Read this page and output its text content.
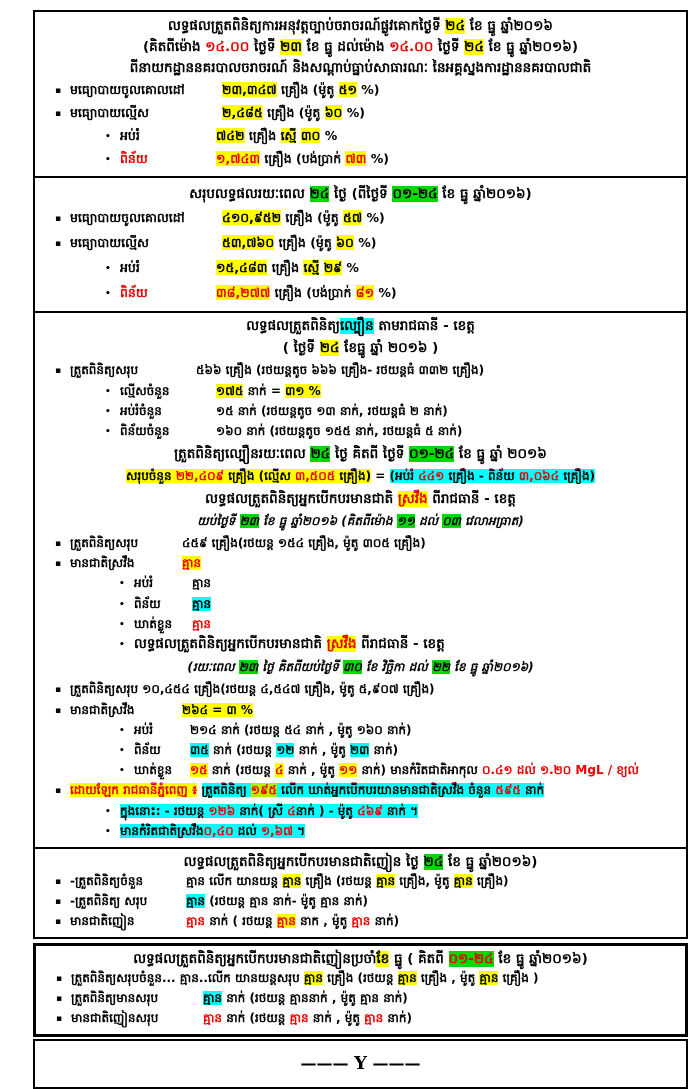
លទ្ធផលត្រួតពិនិត្យការអនុវត្តច្បាប់ចរាចរណ៍ផ្លូវគោកថ្ងៃទី ២៤ ខែ ធ្នូ ឆ្នាំ២០១៦
(គិតពីម៉ោង ១៤.០០ ថ្ងៃទី ២៣ ខែ ធ្នូ ដល់ម៉ោង ១៤.០០ ថ្ងៃទី ២៤ ខែ ធ្នូ ឆ្នាំ២០១៦)
ពីនាយកដ្ឋាននគរបាលចរាចរណ៍ និងសណ្ដាប់ធ្នាប់សាធារណៈ នៃអគ្គស្នងការដ្ឋាននគរបាលជាតិ
▪ មធ្យោបាយចូលគោលដៅ	២៣,៣៤៧ គ្រឿង (ម៉ូតូ ៥១ %)
▪ មធ្យោបាយល្មើស	២,៤៨៥ គ្រឿង (ម៉ូតូ ៦០ %)
• អប់រំ	៧៤២ គ្រឿង ស្មើ ៣០ %
• ពិន័យ	១,៧៤៣ គ្រឿង (បង់ប្រាក់ ៧៣ %)
សរុបលទ្ធផលរយៈពេល ២៤ ថ្ងៃ (ពីថ្ងៃទី ០១-២៤ ខែ ធ្នូ ឆ្នាំ២០១៦)
▪ មធ្យោបាយចូលគោលដៅ	៤១០,៩៥២ គ្រឿង (ម៉ូតូ ៥៧ %)
▪ មធ្យោបាយល្មើស	៥៣,៧៦០ គ្រឿង (ម៉ូតូ ៦០ %)
• អប់រំ	១៥,៤៨៣ គ្រឿង ស្មើ ២៩ %
• ពិន័យ	៣៨,២៧៧ គ្រឿង (បង់ប្រាក់ ៨១ %)
លទ្ធផលត្រួតពិនិត្យល្បឿន តាមរាជធានី - ខេត្ត
( ថ្ងៃទី ២៤ ខែធ្នូ ឆ្នាំ ២០១៦ )
▪ ត្រួតពិនិត្យសរុប	៥៦៦ គ្រឿង (រថយន្តតូច ៦៦៦ គ្រឿង- រថយន្តធំ ៣៣២ គ្រឿង)
• ល្មើសចំនួន	១៧៥ នាក់ = ៣១ %
• អប់រំចំនួន	១៥ នាក់ (រថយន្តតូច ១៣ នាក់, រថយន្តធំ ២ នាក់)
• ពិន័យចំនួន	១៦០ នាក់ (រថយន្តតូច ១៥៥ នាក់, រថយន្តធំ ៥ នាក់)
ត្រួតពិនិត្យល្បឿនរយៈពេល ២៤ ថ្ងៃ គិតពី ថ្ងៃទី ០១-២៤ ខែ ធ្នូ ឆ្នាំ ២០១៦
សរុបចំនួន ២២,៤០៩ គ្រឿង (ល្មើស ៣,៥០៥ គ្រឿង) = (អប់រំ ៤៤១ គ្រឿង - ពិន័យ ៣,០៦៤ គ្រឿង)
លទ្ធផលត្រួតពិនិត្យអ្នកបើកបរមានជាតិ ស្រវឹង ពីរាជធានី - ខេត្ត
យប់ថ្ងៃទី ២៣ ខែ ធ្នូ ឆ្នាំ២០១៦ (គិតពីម៉ោង ១១ ដល់ ០៣ វេលាអធ្រាត)
▪ ត្រួតពិនិត្យសរុប	៤៥៩ គ្រឿង(រថយន្ត ១៥៤ គ្រឿង, ម៉ូតូ ៣០៥ គ្រឿង)
▪ មានជាតិស្រវឹង	គ្មាន
• អប់រំ	គ្មាន
• ពិន័យ	គ្មាន
• ឃាត់ខ្លួន គ្មាន
• លទ្ធផលត្រួតពិនិត្យអ្នកបើកបរមានជាតិ ស្រវឹង ពីរាជធានី - ខេត្ត
(រយៈពេល ២៣ ថ្ងៃ គិតពីយប់ថ្ងៃទី ៣០ ខែ វិច្ឆិកា ដល់ ២២ ខែ ធ្នូ ឆ្នាំ២០១៦)
▪ ត្រួតពិនិត្យសរុប ១០,៤៥៤ គ្រឿង(រថយន្ត ៤,៥៤៧ គ្រឿង, ម៉ូតូ ៥,៩០៧ គ្រឿង)
▪ មានជាតិស្រវឹង	២៦៤ = ៣ %
• អប់រំ	២១៤ នាក់ (រថយន្ត ៥៤ នាក់ , ម៉ូតូ ១៦០ នាក់)
• ពិន័យ ៣៥ នាក់ (រថយន្ត ១២ នាក់ , ម៉ូតូ ២៣ នាក់)
• ឃាត់ខ្លួន ១៥ នាក់ (រថយន្ត ៤ នាក់ , ម៉ូតូ ១១ នាក់) មានកំរិតជាតិអាកុល ០.៤១ ដល់ ១.២០ MgL / ខ្យល់
▪ ដោយឡែក រាជធានីភ្នំពេញ ៖ ត្រួតពិនិត្យ ១៩៥ លើក ឃាត់អ្នកបើកបរយានមានជាតិស្រវឹង ចំនួន ៥៩៥ នាក់
• ក្នុងនោះ: - រថយន្ត ១២៦ នាក់( ស្រី ៤នាក់ ) - ម៉ូតូ ៤៦៩ នាក់ ។
• មានកំរិតជាតិស្រវឹង០,៤០ ដល់ ១,៦៧ ។
លទ្ធផលត្រួតពិនិត្យអ្នកបើកបរមានជាតិញៀន ថ្ងៃ ២៤ ខែ ធ្នូ ឆ្នាំ២០១៦)
▪ -ត្រួតពិនិត្យចំនួន	គ្មាន លើក យានយន្ត គ្មាន គ្រឿង (រថយន្ត គ្មាន គ្រឿង, ម៉ូតូ គ្មាន គ្រឿង)
▪ -ត្រួតពិនិត្យ សរុប	គ្មាន (រថយន្ត គ្មាន នាក់- ម៉ូតូ គ្មាន នាក់)
▪ មានជាតិញៀន	គ្មាន នាក់ ( រថយន្ត គ្មាន នាក , ម៉ូតូ គ្មាន នាក់)
លទ្ធផលត្រួតពិនិត្យអ្នកបើកបរមានជាតិញៀនប្រចាំខែ ធ្នូ ( គិតពី ០១-២៤ ខែ ធ្នូ ឆ្នាំ២០១៦)
▪ ត្រួតពិនិត្យសរុបចំនួន... គ្មាន..លើក យានយន្តសរុប គ្មាន គ្រឿង (រថយន្ត គ្មាន គ្រឿង , ម៉ូតូ គ្មាន គ្រឿង )
▪ ត្រួតពិនិត្យមានសរុប	គ្មាន នាក់ (រថយន្ត គ្មាននាក់ , ម៉ូតូ គ្មាន នាក់)
▪ មានជាតិញៀនសរុប	គ្មាន នាក់ (រថយន្ត គ្មាន នាក់ , ម៉ូតូ គ្មាន នាក់)
——— Y ———
